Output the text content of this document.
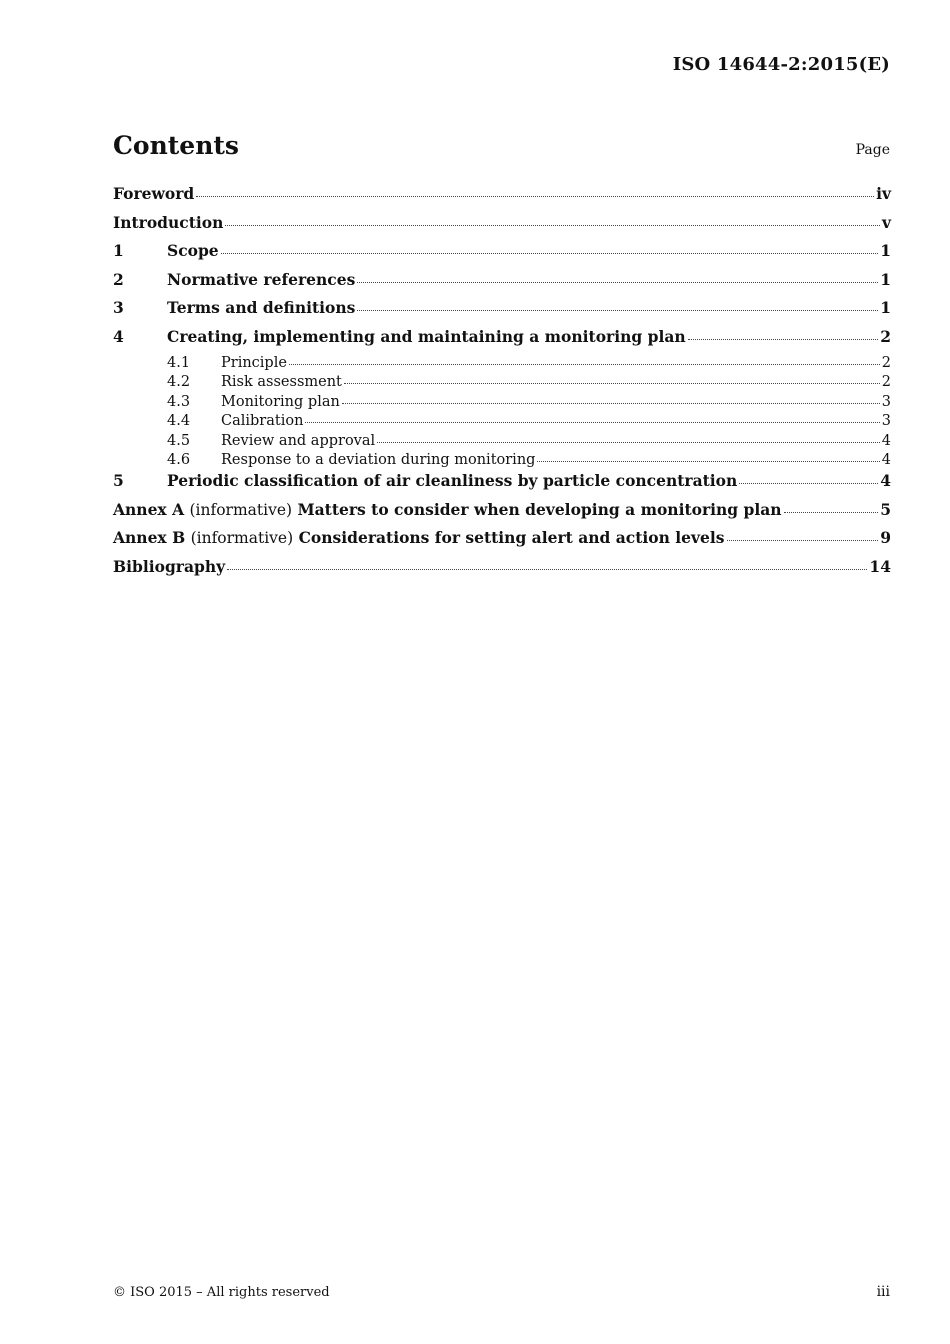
ISO 14644-2:2015(E)
Contents	Page
Foreword	iv
Introduction	v
1	Scope	1
2	Normative references	1
3	Terms and definitions	1
4	Creating, implementing and maintaining a monitoring plan	2
4.1	Principle	2
4.2	Risk assessment	2
4.3	Monitoring plan	3
4.4	Calibration	3
4.5	Review and approval	4
4.6	Response to a deviation during monitoring	4
5	Periodic classification of air cleanliness by particle concentration	4
Annex A (informative) Matters to consider when developing a monitoring plan	5
Annex B (informative) Considerations for setting alert and action levels	9
Bibliography	14
© ISO 2015 – All rights reserved	iii
